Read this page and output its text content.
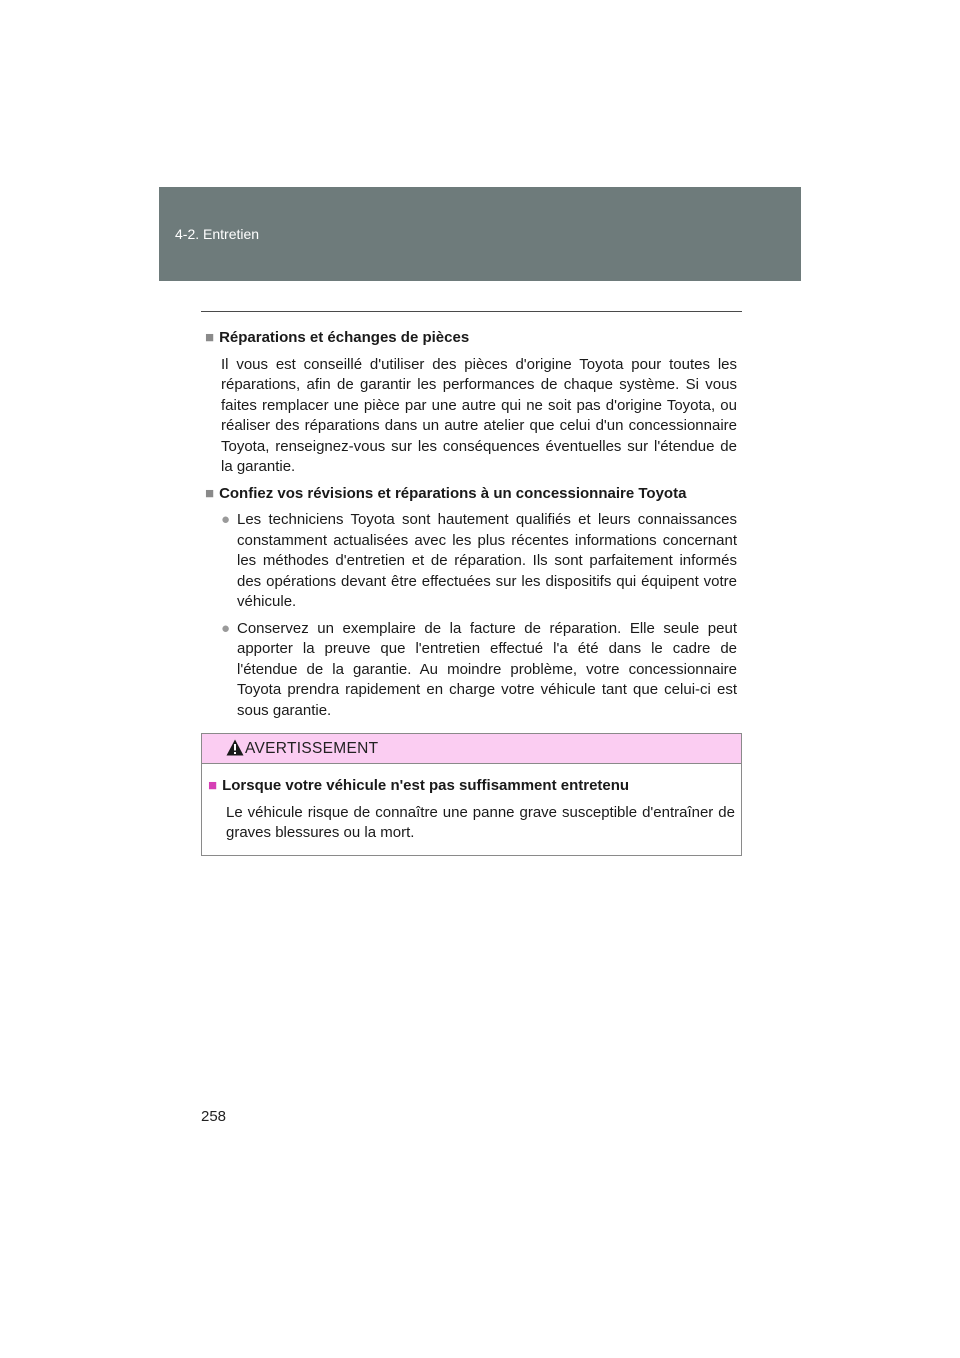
4-2. Entretien
■ Réparations et échanges de pièces
Il vous est conseillé d'utiliser des pièces d'origine Toyota pour toutes les réparations, afin de garantir les performances de chaque système. Si vous faites remplacer une pièce par une autre qui ne soit pas d'origine Toyota, ou réaliser des réparations dans un autre atelier que celui d'un concessionnaire Toyota, renseignez-vous sur les conséquences éventuelles sur l'étendue de la garantie.
■ Confiez vos révisions et réparations à un concessionnaire Toyota
● Les techniciens Toyota sont hautement qualifiés et leurs connaissances constamment actualisées avec les plus récentes informations concernant les méthodes d'entretien et de réparation. Ils sont parfaitement informés des opérations devant être effectuées sur les dispositifs qui équipent votre véhicule.
● Conservez un exemplaire de la facture de réparation. Elle seule peut apporter la preuve que l'entretien effectué l'a été dans le cadre de l'étendue de la garantie. Au moindre problème, votre concessionnaire Toyota prendra rapidement en charge votre véhicule tant que celui-ci est sous garantie.
AVERTISSEMENT
■ Lorsque votre véhicule n'est pas suffisamment entretenu
Le véhicule risque de connaître une panne grave susceptible d'entraîner de graves blessures ou la mort.
258
